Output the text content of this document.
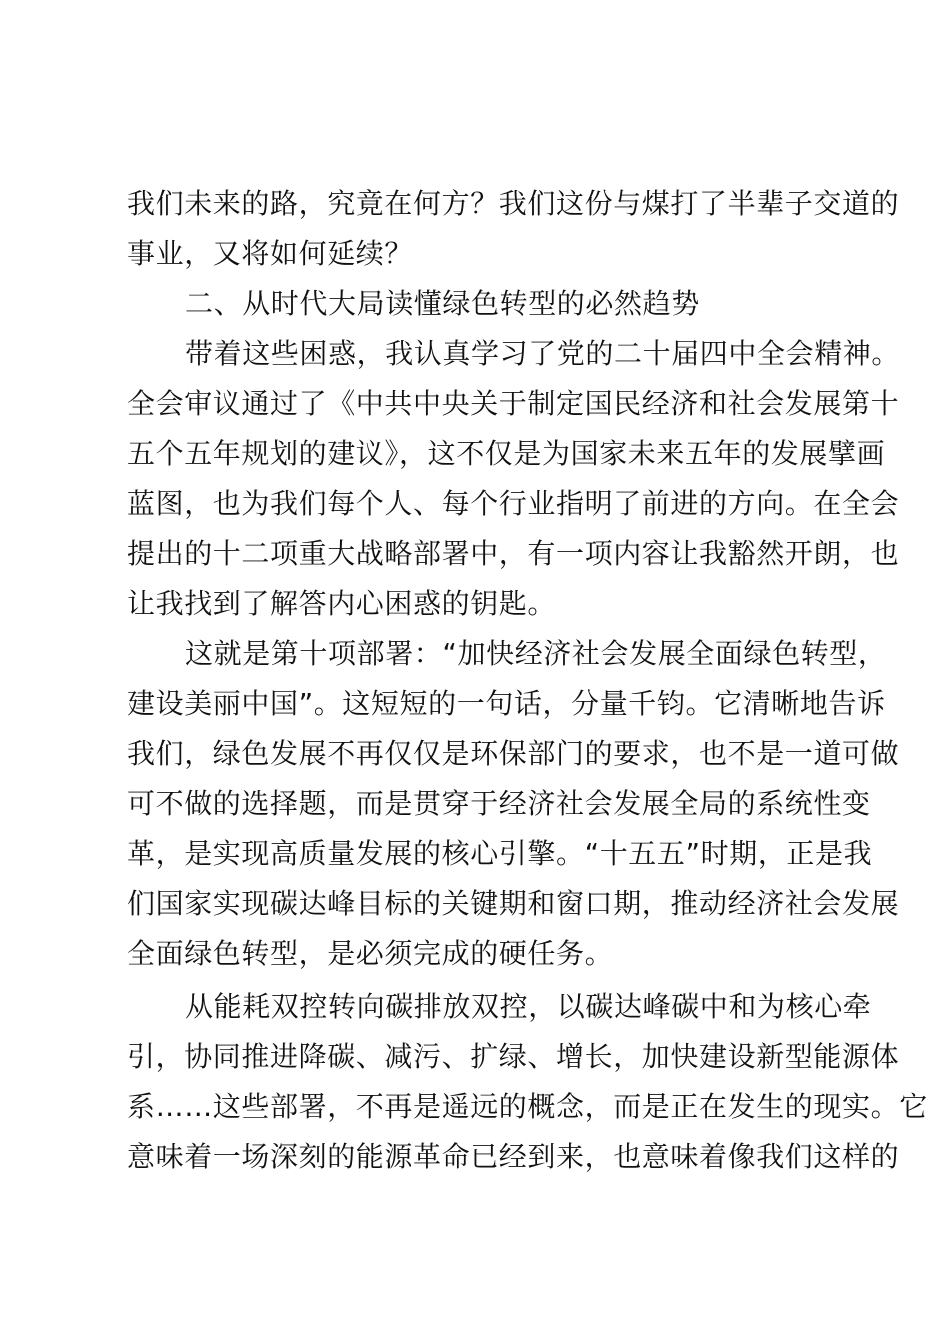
我们未来的路，究竟在何方？我们这份与煤打了半辈子交道的
事业，又将如何延续？
二、从时代大局读懂绿色转型的必然趋势
带着这些困惑，我认真学习了党的二十届四中全会精神。
全会审议通过了《中共中央关于制定国民经济和社会发展第十
五个五年规划的建议》，这不仅是为国家未来五年的发展擘画
蓝图，也为我们每个人、每个行业指明了前进的方向。在全会
提出的十二项重大战略部署中，有一项内容让我豁然开朗，也
让我找到了解答内心困惑的钥匙。
这就是第十项部署：“加快经济社会发展全面绿色转型，
建设美丽中国”。这短短的一句话，分量千钧。它清晰地告诉
我们，绿色发展不再仅仅是环保部门的要求，也不是一道可做
可不做的选择题，而是贯穿于经济社会发展全局的系统性变
革，是实现高质量发展的核心引擎。“十五五”时期，正是我
们国家实现碳达峰目标的关键期和窗口期，推动经济社会发展
全面绿色转型，是必须完成的硬任务。
从能耗双控转向碳排放双控，以碳达峰碳中和为核心牵
引，协同推进降碳、减污、扩绿、增长，加快建设新型能源体
系……这些部署，不再是遥远的概念，而是正在发生的现实。它
意味着一场深刻的能源革命已经到来，也意味着像我们这样的
